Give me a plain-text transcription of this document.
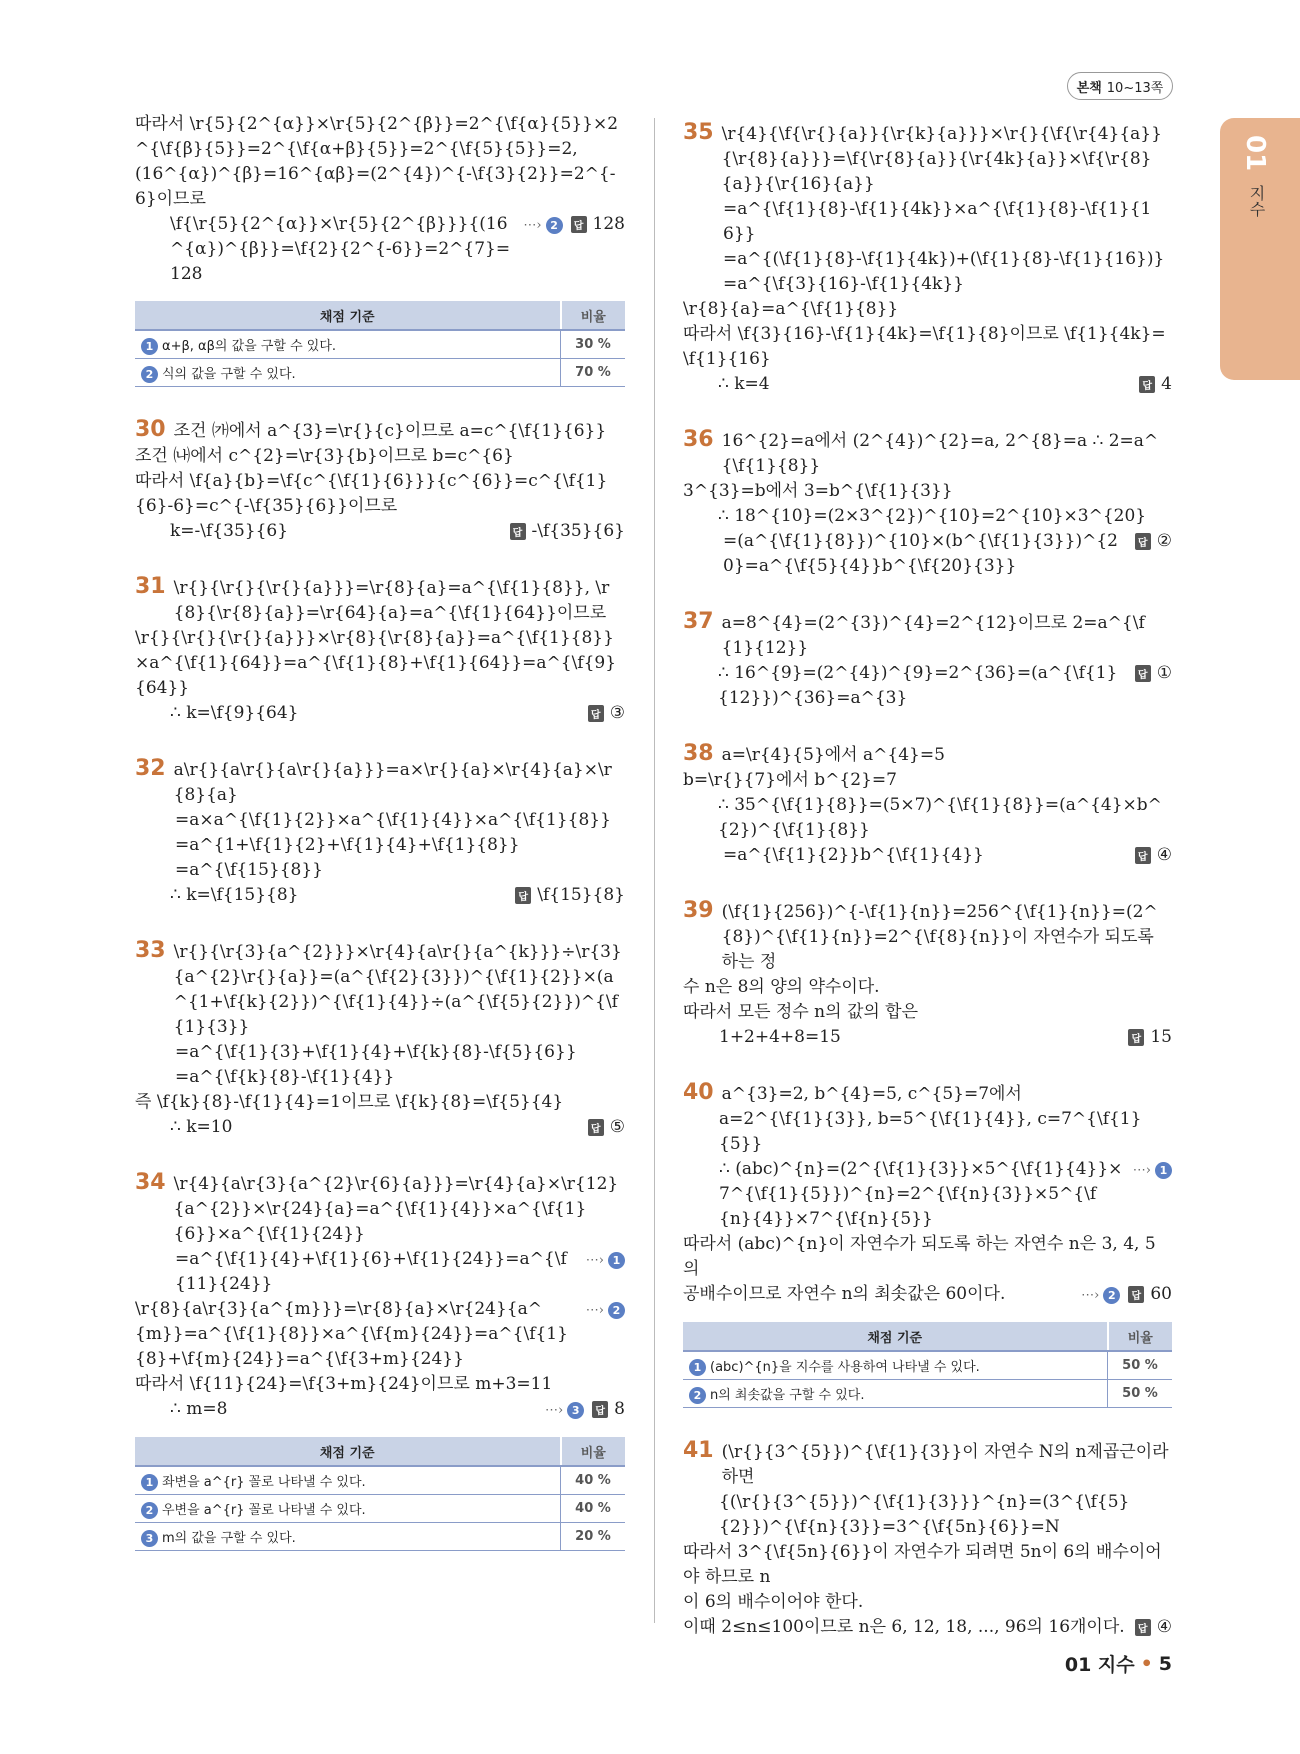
본책 10~13쪽
01
지수
따라서 \r{5}{2^{α}}×\r{5}{2^{β}}=2^{\f{α}{5}}×2^{\f{β}{5}}=2^{\f{α+β}{5}}=2^{\f{5}{5}}=2,
(16^{α})^{β}=16^{αβ}=(2^{4})^{-\f{3}{2}}=2^{-6}이므로
\f{\r{5}{2^{α}}×\r{5}{2^{β}}}{(16^{α})^{β}}=\f{2}{2^{-6}}=2^{7}=128
⋯› 2	답 128
채점 기준	비율
1 α+β, αβ의 값을 구할 수 있다.	30 %
2 식의 값을 구할 수 있다.	70 %
30 조건 ㈎에서 a^{3}=\r{}{c}이므로 a=c^{\f{1}{6}}
조건 ㈏에서 c^{2}=\r{3}{b}이므로 b=c^{6}
따라서 \f{a}{b}=\f{c^{\f{1}{6}}}{c^{6}}=c^{\f{1}{6}-6}=c^{-\f{35}{6}}이므로
k=-\f{35}{6}	답 -\f{35}{6}
31 \r{}{\r{}{\r{}{a}}}=\r{8}{a}=a^{\f{1}{8}}, \r{8}{\r{8}{a}}=\r{64}{a}=a^{\f{1}{64}}이므로
\r{}{\r{}{\r{}{a}}}×\r{8}{\r{8}{a}}=a^{\f{1}{8}}×a^{\f{1}{64}}=a^{\f{1}{8}+\f{1}{64}}=a^{\f{9}{64}}
∴ k=\f{9}{64}	답 ③
32 a\r{}{a\r{}{a\r{}{a}}}=a×\r{}{a}×\r{4}{a}×\r{8}{a}
=a×a^{\f{1}{2}}×a^{\f{1}{4}}×a^{\f{1}{8}}
=a^{1+\f{1}{2}+\f{1}{4}+\f{1}{8}}
=a^{\f{15}{8}}
∴ k=\f{15}{8}	답 \f{15}{8}
33 \r{}{\r{3}{a^{2}}}×\r{4}{a\r{}{a^{k}}}÷\r{3}{a^{2}\r{}{a}}=(a^{\f{2}{3}})^{\f{1}{2}}×(a^{1+\f{k}{2}})^{\f{1}{4}}÷(a^{\f{5}{2}})^{\f{1}{3}}
=a^{\f{1}{3}+\f{1}{4}+\f{k}{8}-\f{5}{6}}
=a^{\f{k}{8}-\f{1}{4}}
즉 \f{k}{8}-\f{1}{4}=1이므로 \f{k}{8}=\f{5}{4}
∴ k=10	답 ⑤
34 \r{4}{a\r{3}{a^{2}\r{6}{a}}}=\r{4}{a}×\r{12}{a^{2}}×\r{24}{a}=a^{\f{1}{4}}×a^{\f{1}{6}}×a^{\f{1}{24}}
=a^{\f{1}{4}+\f{1}{6}+\f{1}{24}}=a^{\f{11}{24}}
⋯› 1
\r{8}{a\r{3}{a^{m}}}=\r{8}{a}×\r{24}{a^{m}}=a^{\f{1}{8}}×a^{\f{m}{24}}=a^{\f{1}{8}+\f{m}{24}}=a^{\f{3+m}{24}}
⋯› 2
따라서 \f{11}{24}=\f{3+m}{24}이므로 m+3=11
∴ m=8	⋯› 3	답 8
채점 기준	비율
1 좌변을 a^{r} 꼴로 나타낼 수 있다.	40 %
2 우변을 a^{r} 꼴로 나타낼 수 있다.	40 %
3 m의 값을 구할 수 있다.	20 %
35 \r{4}{\f{\r{}{a}}{\r{k}{a}}}×\r{}{\f{\r{4}{a}}{\r{8}{a}}}=\f{\r{8}{a}}{\r{4k}{a}}×\f{\r{8}{a}}{\r{16}{a}}
=a^{\f{1}{8}-\f{1}{4k}}×a^{\f{1}{8}-\f{1}{16}}
=a^{(\f{1}{8}-\f{1}{4k})+(\f{1}{8}-\f{1}{16})}
=a^{\f{3}{16}-\f{1}{4k}}
\r{8}{a}=a^{\f{1}{8}}
따라서 \f{3}{16}-\f{1}{4k}=\f{1}{8}이므로 \f{1}{4k}=\f{1}{16}
∴ k=4	답 4
36 16^{2}=a에서 (2^{4})^{2}=a, 2^{8}=a ∴ 2=a^{\f{1}{8}}
3^{3}=b에서 3=b^{\f{1}{3}}
∴ 18^{10}=(2×3^{2})^{10}=2^{10}×3^{20}
=(a^{\f{1}{8}})^{10}×(b^{\f{1}{3}})^{20}=a^{\f{5}{4}}b^{\f{20}{3}}
답 ②
37 a=8^{4}=(2^{3})^{4}=2^{12}이므로 2=a^{\f{1}{12}}
∴ 16^{9}=(2^{4})^{9}=2^{36}=(a^{\f{1}{12}})^{36}=a^{3}
답 ①
38 a=\r{4}{5}에서 a^{4}=5
b=\r{}{7}에서 b^{2}=7
∴ 35^{\f{1}{8}}=(5×7)^{\f{1}{8}}=(a^{4}×b^{2})^{\f{1}{8}}
=a^{\f{1}{2}}b^{\f{1}{4}}	답 ④
39 (\f{1}{256})^{-\f{1}{n}}=256^{\f{1}{n}}=(2^{8})^{\f{1}{n}}=2^{\f{8}{n}}이 자연수가 되도록 하는 정
수 n은 8의 양의 약수이다.
따라서 모든 정수 n의 값의 합은
1+2+4+8=15	답 15
40 a^{3}=2, b^{4}=5, c^{5}=7에서
a=2^{\f{1}{3}}, b=5^{\f{1}{4}}, c=7^{\f{1}{5}}
∴ (abc)^{n}=(2^{\f{1}{3}}×5^{\f{1}{4}}×7^{\f{1}{5}})^{n}=2^{\f{n}{3}}×5^{\f{n}{4}}×7^{\f{n}{5}}
⋯› 1
따라서 (abc)^{n}이 자연수가 되도록 하는 자연수 n은 3, 4, 5의
공배수이므로 자연수 n의 최솟값은 60이다.	⋯› 2	답 60
채점 기준	비율
1 (abc)^{n}을 지수를 사용하여 나타낼 수 있다.	50 %
2 n의 최솟값을 구할 수 있다.	50 %
41 (\r{}{3^{5}})^{\f{1}{3}}이 자연수 N의 n제곱근이라 하면
{(\r{}{3^{5}})^{\f{1}{3}}}^{n}=(3^{\f{5}{2}})^{\f{n}{3}}=3^{\f{5n}{6}}=N
따라서 3^{\f{5n}{6}}이 자연수가 되려면 5n이 6의 배수이어야 하므로 n
이 6의 배수이어야 한다.
이때 2≤n≤100이므로 n은 6, 12, 18, ..., 96의 16개이다.	답 ④
01 지수 • 5
